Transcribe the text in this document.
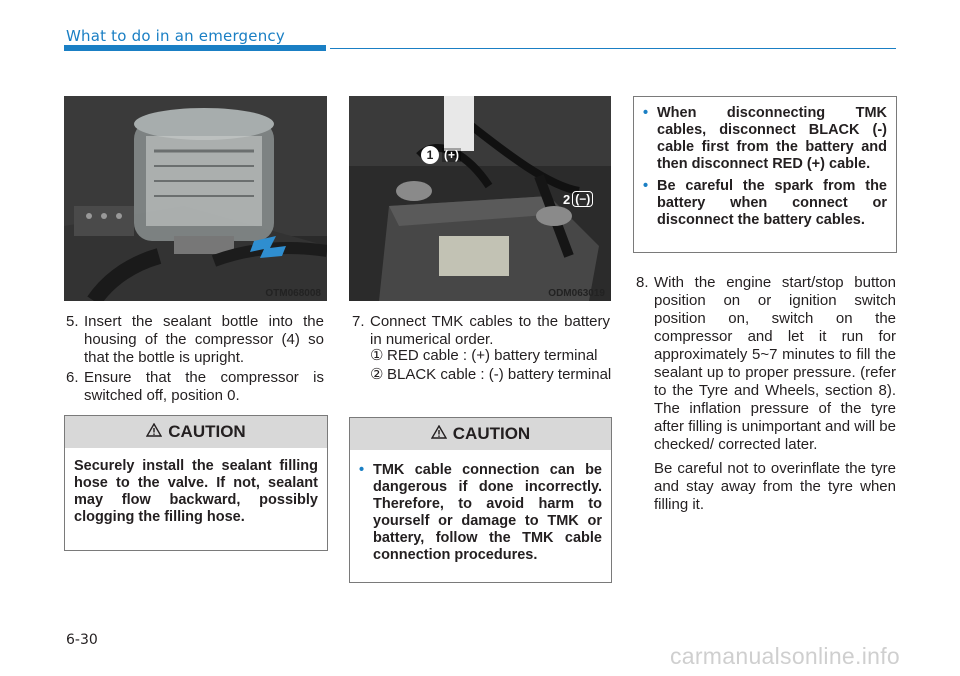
What to do in an emergency
OTM068008
1 (+)
2 (−)
ODM063019
5. Insert the sealant bottle into the housing of the compressor (4) so that the bottle is upright.
6. Ensure that the compressor is switched off, position 0.
CAUTION
Securely install the sealant filling hose to the valve. If not, sealant may flow backward, possibly clogging the filling hose.
7. Connect TMK cables to the battery in numerical order.
① RED cable : (+) battery terminal
② BLACK cable : (-) battery terminal
CAUTION
• TMK cable connection can be dangerous if done incorrectly. Therefore, to avoid harm to yourself or damage to TMK or battery, follow the TMK cable connection procedures.
• When disconnecting TMK cables, disconnect BLACK (-) cable first from the battery and then disconnect RED (+) cable.
• Be careful the spark from the battery when connect or disconnect the battery cables.
8. With the engine start/stop button position on or ignition switch position on, switch on the compressor and let it run for approximately 5~7 minutes to fill the sealant up to proper pressure. (refer to the Tyre and Wheels, section 8). The inflation pressure of the tyre after filling is unimportant and will be checked/ corrected later.
Be careful not to overinflate the tyre and stay away from the tyre when filling it.
6-30
carmanualsonline.info
